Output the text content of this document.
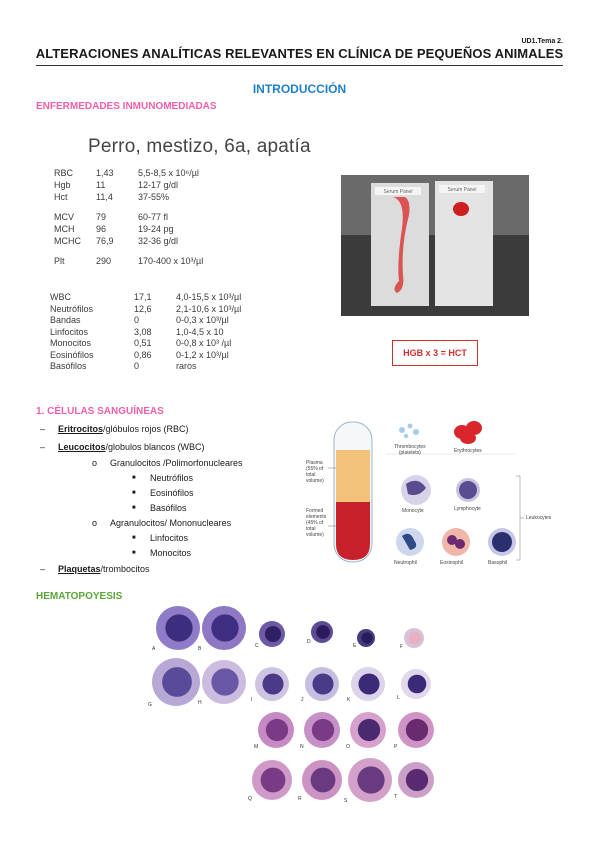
UD1.Tema 2.
ALTERACIONES ANALÍTICAS RELEVANTES EN CLÍNICA DE PEQUEÑOS ANIMALES
INTRODUCCIÓN
ENFERMEDADES INMUNOMEDIADAS
Perro, mestizo, 6a, apatía
RBC	1,43	5,5-8,5 x 10⁶/µl
Hgb	11	12-17 g/dl
Hct	11,4	37-55%
MCV 79	60-77 fl
MCH 96	19-24 pg
MCHC 76,9	32-36 g/dl
Plt	290	170-400 x 10³/µl
WBC	17,1	4,0-15,5 x 10³/µl
Neutrófilos	12,6	2,1-10,6 x 10³/µl
Bandas	0	0-0,3 x 10³/µl
Linfocitos	3,08	1,0-4,5 x 10
Monocitos	0,51	0-0,8 x 10³ /µl
Eosinófilos	0,86	0-1,2 x 10³/µl
Basófilos	0	raros
Serum Panel	Serum Panel
HGB x 3 = HCT
1. CÉLULAS SANGUÍNEAS
– Eritrocitos/glóbulos rojos (RBC)
– Leucocitos/globulos blancos (WBC)
o Granulocitos /Polimorfonucleares
■ Neutrófilos
■ Eosinófilos
■ Basófilos
o Agranulocitos/ Mononucleares
■ Linfocitos
■ Monocitos
– Plaquetas/trombocitos
Plasma
(55% of
total
volume)
Formed
elements
(45% of
total
volume)
Thrombocytes
(platelets)	Erythrocytes
Monocyte	Lymphocyte
Leukocytes
Neutrophil	Eosinophil	Basophil
HEMATOPOYESIS
A	B	C
D
E	F
G	H	I	J	K	L
M	N	O	P
Q	R	S
T
